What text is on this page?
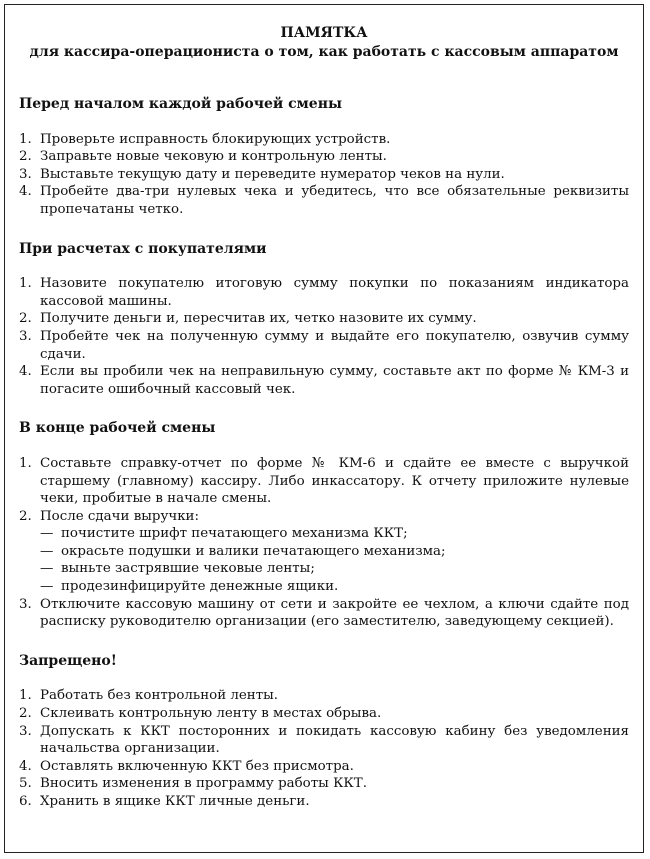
ПАМЯТКА
для кассира-операциониста о том, как работать с кассовым аппаратом
Перед началом каждой рабочей смены
1. Проверьте исправность блокирующих устройств.
2. Заправьте новые чековую и контрольную ленты.
3. Выставьте текущую дату и переведите нумератор чеков на нули.
4. Пробейте два-три нулевых чека и убедитесь, что все обязательные реквизиты пропечатаны четко.
При расчетах с покупателями
1. Назовите покупателю итоговую сумму покупки по показаниям индикатора кассовой машины.
2. Получите деньги и, пересчитав их, четко назовите их сумму.
3. Пробейте чек на полученную сумму и выдайте его покупателю, озвучив сумму сдачи.
4. Если вы пробили чек на неправильную сумму, составьте акт по форме № КМ-3 и погасите ошибочный кассовый чек.
В конце рабочей смены
1. Составьте справку-отчет по форме № КМ-6 и сдайте ее вместе с выручкой старшему (главному) кассиру. Либо инкассатору. К отчету приложите нулевые чеки, пробитые в начале смены.
2. После сдачи выручки:
— почистите шрифт печатающего механизма ККТ;
— окрасьте подушки и валики печатающего механизма;
— выньте застрявшие чековые ленты;
— продезинфицируйте денежные ящики.
3. Отключите кассовую машину от сети и закройте ее чехлом, а ключи сдайте под расписку руководителю организации (его заместителю, заведующему секцией).
Запрещено!
1. Работать без контрольной ленты.
2. Склеивать контрольную ленту в местах обрыва.
3. Допускать к ККТ посторонних и покидать кассовую кабину без уведомления начальства организации.
4. Оставлять включенную ККТ без присмотра.
5. Вносить изменения в программу работы ККТ.
6. Хранить в ящике ККТ личные деньги.
